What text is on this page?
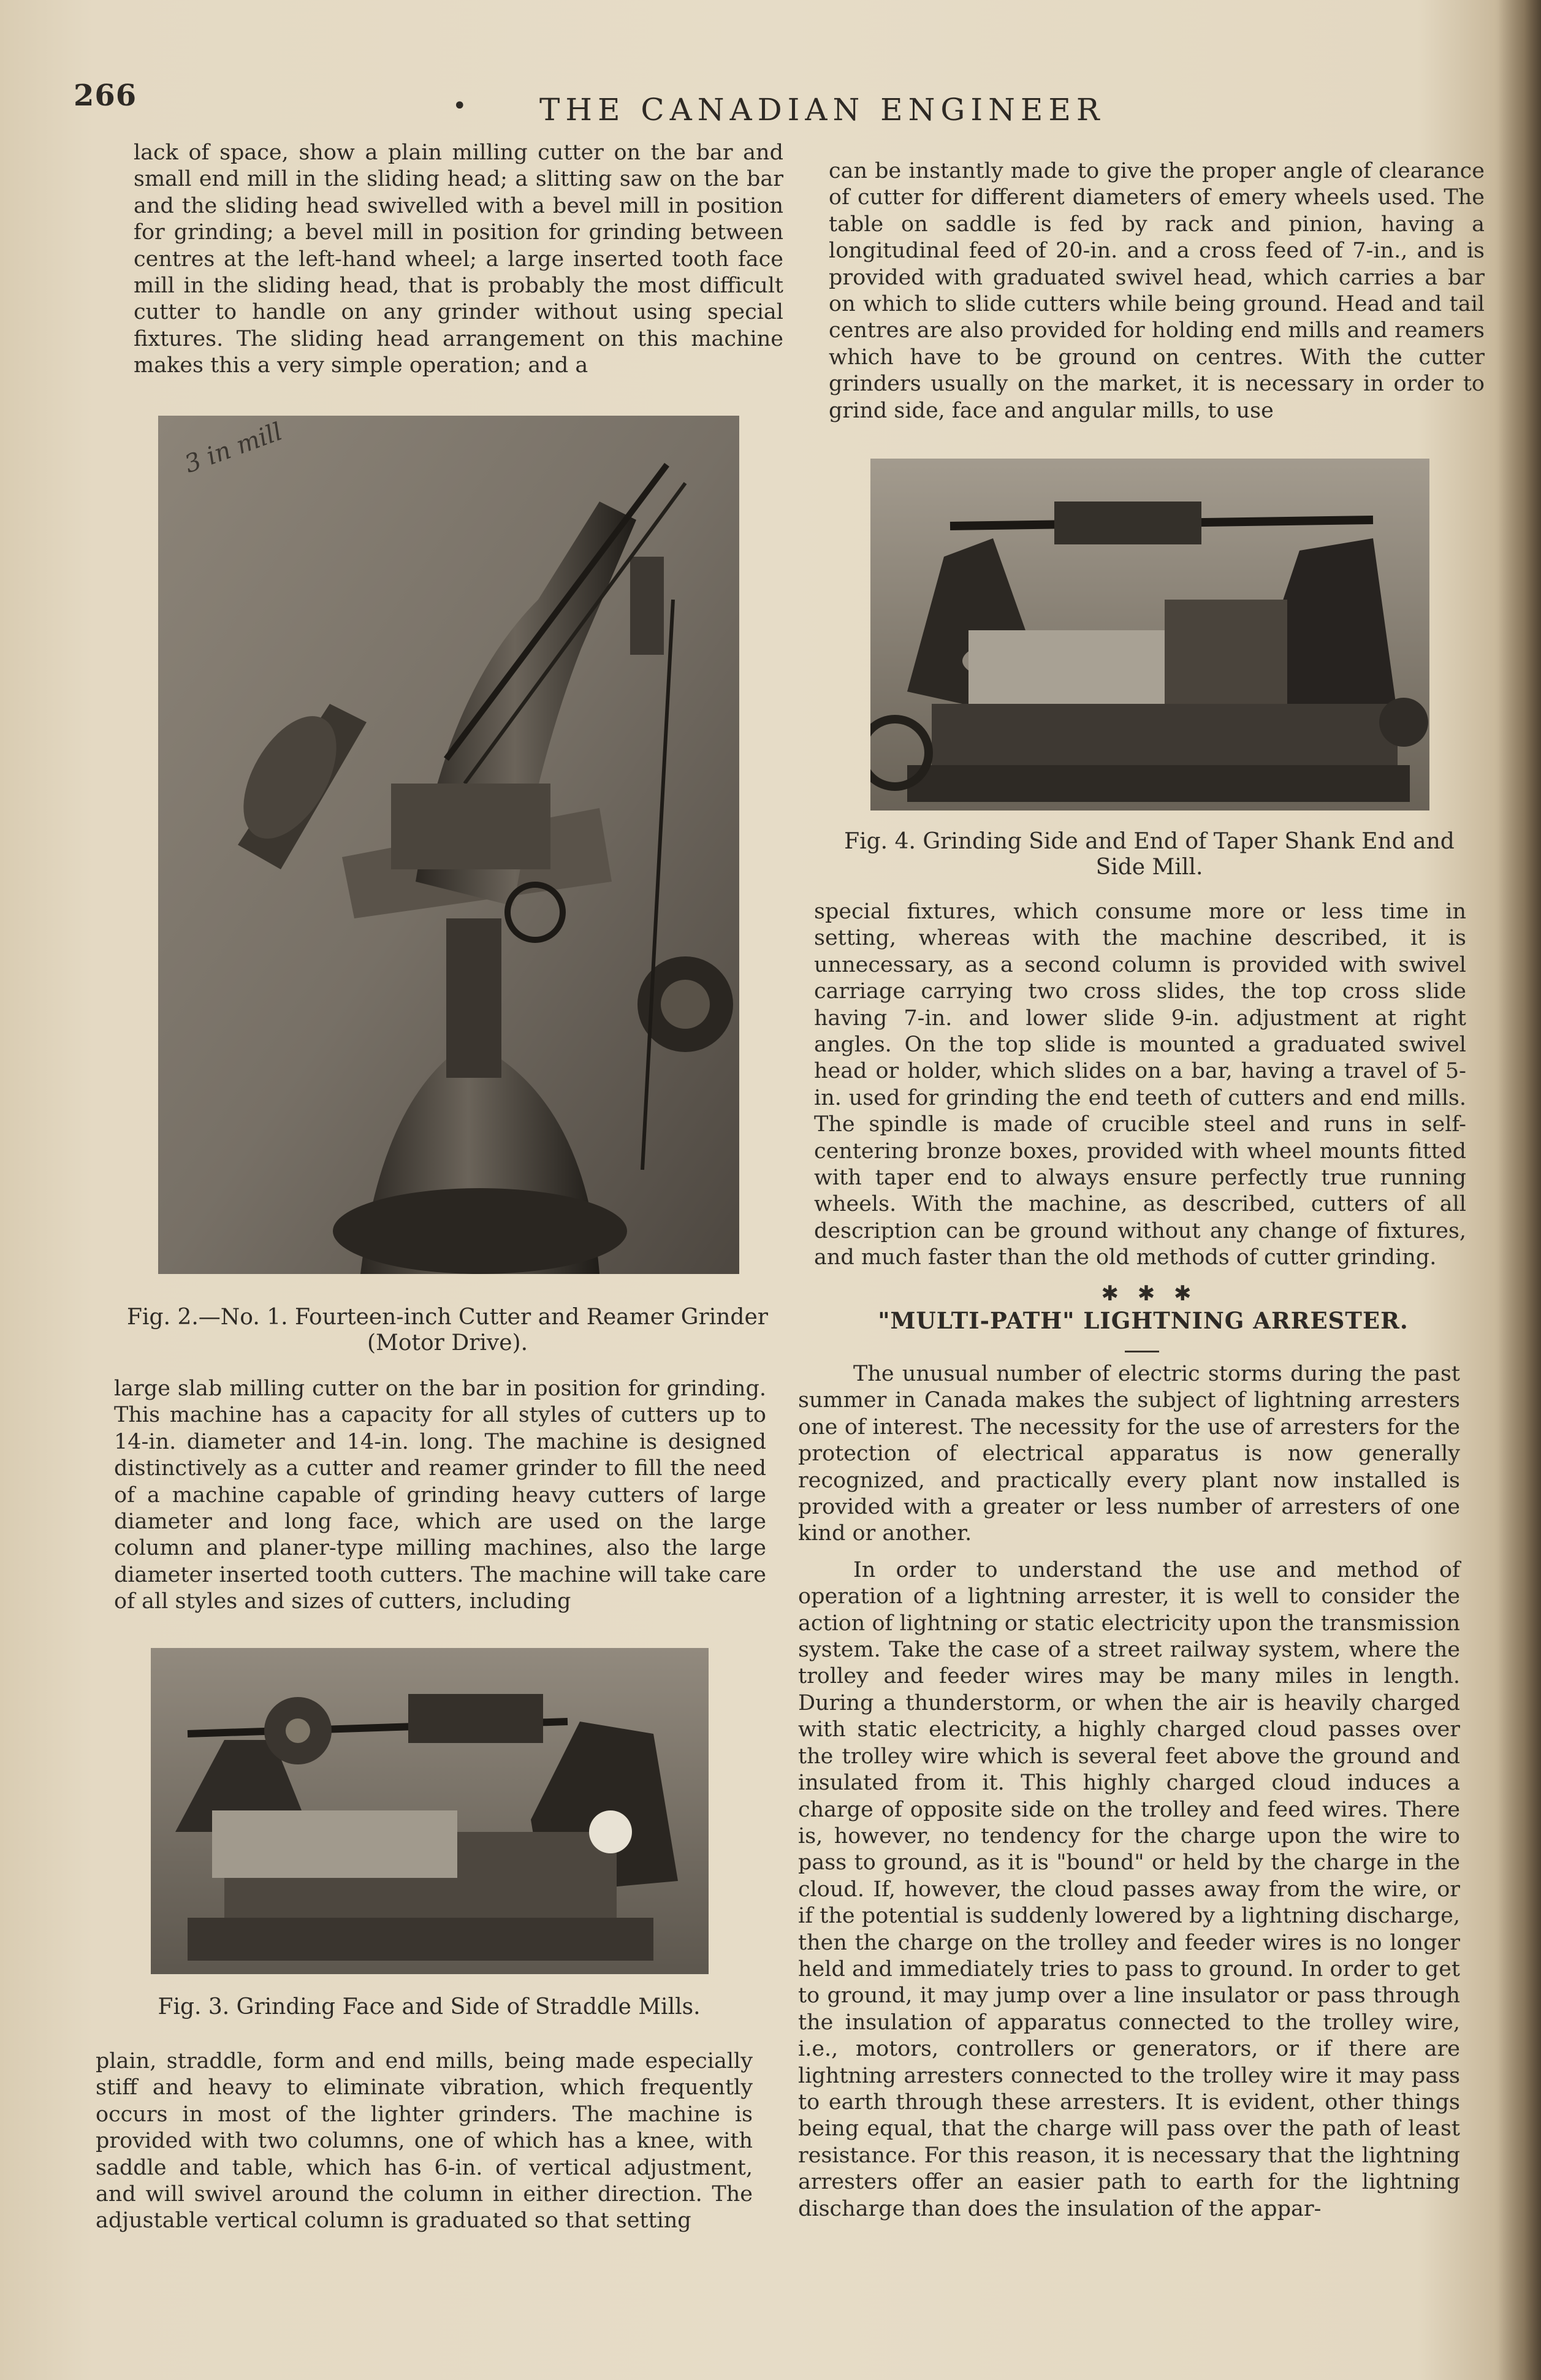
266	• THE CANADIAN ENGINEER

lack of space, show a plain milling cutter on the bar and small end mill in the sliding head; a slitting saw on the bar and the sliding head swivelled with a bevel mill in position for grinding; a bevel mill in position for grinding between centres at the left-hand wheel; a large inserted tooth face mill in the sliding head, that is probably the most difficult cutter to handle on any grinder without using special fixtures. The sliding head arrangement on this machine makes this a very simple operation; and a

3 in mill
Fig. 2.—No. 1. Fourteen-inch Cutter and Reamer Grinder
(Motor Drive).

large slab milling cutter on the bar in position for grinding. This machine has a capacity for all styles of cutters up to 14-in. diameter and 14-in. long. The machine is designed distinctively as a cutter and reamer grinder to fill the need of a machine capable of grinding heavy cutters of large diameter and long face, which are used on the large column and planer-type milling machines, also the large diameter inserted tooth cutters. The machine will take care of all styles and sizes of cutters, including

Fig. 3. Grinding Face and Side of Straddle Mills.

plain, straddle, form and end mills, being made especially stiff and heavy to eliminate vibration, which frequently occurs in most of the lighter grinders. The machine is provided with two columns, one of which has a knee, with saddle and table, which has 6-in. of vertical adjustment, and will swivel around the column in either direction. The adjustable vertical column is graduated so that setting

can be instantly made to give the proper angle of clearance of cutter for different diameters of emery wheels used. The table on saddle is fed by rack and pinion, having a longitudinal feed of 20-in. and a cross feed of 7-in., and is provided with graduated swivel head, which carries a bar on which to slide cutters while being ground. Head and tail centres are also provided for holding end mills and reamers which have to be ground on centres. With the cutter grinders usually on the market, it is necessary in order to grind side, face and angular mills, to use

Fig. 4. Grinding Side and End of Taper Shank End and
Side Mill.

special fixtures, which consume more or less time in setting, whereas with the machine described, it is unnecessary, as a second column is provided with swivel carriage carrying two cross slides, the top cross slide having 7-in. and lower slide 9-in. adjustment at right angles. On the top slide is mounted a graduated swivel head or holder, which slides on a bar, having a travel of 5-in. used for grinding the end teeth of cutters and end mills. The spindle is made of crucible steel and runs in self-centering bronze boxes, provided with wheel mounts fitted with taper end to always ensure perfectly true running wheels. With the machine, as described, cutters of all description can be ground without any change of fixtures, and much faster than the old methods of cutter grinding.

✱ ✱ ✱
"MULTI-PATH" LIGHTNING ARRESTER.

The unusual number of electric storms during the past summer in Canada makes the subject of lightning arresters one of interest. The necessity for the use of arresters for the protection of electrical apparatus is now generally recognized, and practically every plant now installed is provided with a greater or less number of arresters of one kind or another.

In order to understand the use and method of operation of a lightning arrester, it is well to consider the action of lightning or static electricity upon the transmission system. Take the case of a street railway system, where the trolley and feeder wires may be many miles in length. During a thunderstorm, or when the air is heavily charged with static electricity, a highly charged cloud passes over the trolley wire which is several feet above the ground and insulated from it. This highly charged cloud induces a charge of opposite side on the trolley and feed wires. There is, however, no tendency for the charge upon the wire to pass to ground, as it is "bound" or held by the charge in the cloud. If, however, the cloud passes away from the wire, or if the potential is suddenly lowered by a lightning discharge, then the charge on the trolley and feeder wires is no longer held and immediately tries to pass to ground. In order to get to ground, it may jump over a line insulator or pass through the insulation of apparatus connected to the trolley wire, i.e., motors, controllers or generators, or if there are lightning arresters connected to the trolley wire it may pass to earth through these arresters. It is evident, other things being equal, that the charge will pass over the path of least resistance. For this reason, it is necessary that the lightning arresters offer an easier path to earth for the lightning discharge than does the insulation of the appar-
